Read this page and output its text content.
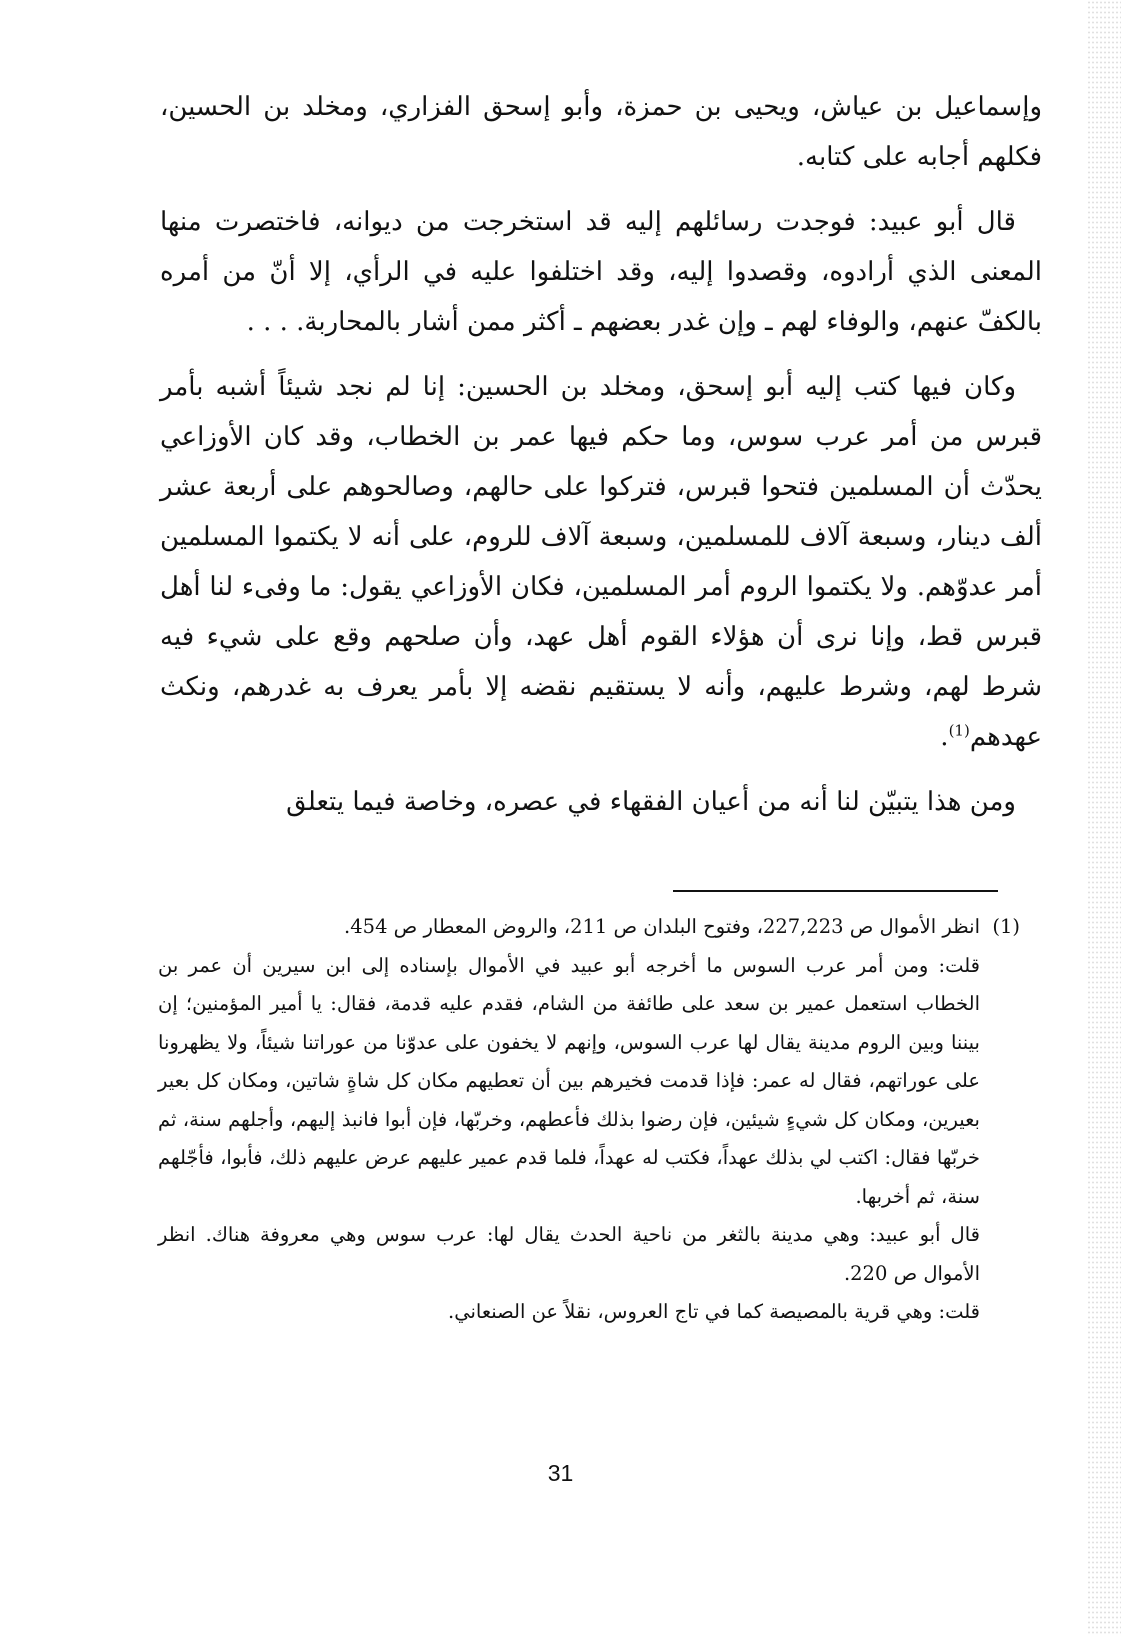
وإسماعيل بن عياش، ويحيى بن حمزة، وأبو إسحق الفزاري، ومخلد بن الحسين، فكلهم أجابه على كتابه.

قال أبو عبيد: فوجدت رسائلهم إليه قد استخرجت من ديوانه، فاختصرت منها المعنى الذي أرادوه، وقصدوا إليه، وقد اختلفوا عليه في الرأي، إلا أنّ من أمره بالكفّ عنهم، والوفاء لهم ـ وإن غدر بعضهم ـ أكثر ممن أشار بالمحاربة. . . .

وكان فيها كتب إليه أبو إسحق، ومخلد بن الحسين: إنا لم نجد شيئاً أشبه بأمر قبرس من أمر عرب سوس، وما حكم فيها عمر بن الخطاب، وقد كان الأوزاعي يحدّث أن المسلمين فتحوا قبرس، فتركوا على حالهم، وصالحوهم على أربعة عشر ألف دينار، وسبعة آلاف للمسلمين، وسبعة آلاف للروم، على أنه لا يكتموا المسلمين أمر عدوّهم. ولا يكتموا الروم أمر المسلمين، فكان الأوزاعي يقول: ما وفىء لنا أهل قبرس قط، وإنا نرى أن هؤلاء القوم أهل عهد، وأن صلحهم وقع على شيء فيه شرط لهم، وشرط عليهم، وأنه لا يستقيم نقضه إلا بأمر يعرف به غدرهم، ونكث عهدهم$^{(1)}$.

ومن هذا يتبيّن لنا أنه من أعيان الفقهاء في عصره، وخاصة فيما يتعلق

(1)انظر الأموال ص 227,223، وفتوح البلدان ص 211، والروض المعطار ص 454.

قلت: ومن أمر عرب السوس ما أخرجه أبو عبيد في الأموال بإسناده إلى ابن سيرين أن عمر بن الخطاب استعمل عمير بن سعد على طائفة من الشام، فقدم عليه قدمة، فقال: يا أمير المؤمنين؛ إن بيننا وبين الروم مدينة يقال لها عرب السوس، وإنهم لا يخفون على عدوّنا من عوراتنا شيئاً، ولا يظهرونا على عوراتهم، فقال له عمر: فإذا قدمت فخيرهم بين أن تعطيهم مكان كل شاةٍ شاتين، ومكان كل بعير بعيرين، ومكان كل شيءٍ شيئين، فإن رضوا بذلك فأعطهم، وخربّها، فإن أبوا فانبذ إليهم، وأجلهم سنة، ثم خربّها فقال: اكتب لي بذلك عهداً، فكتب له عهداً، فلما قدم عمير عليهم عرض عليهم ذلك، فأبوا، فأجّلهم سنة، ثم أخربها.

قال أبو عبيد: وهي مدينة بالثغر من ناحية الحدث يقال لها: عرب سوس وهي معروفة هناك. انظر الأموال ص 220.

قلت: وهي قرية بالمصيصة كما في تاج العروس، نقلاً عن الصنعاني.

31
